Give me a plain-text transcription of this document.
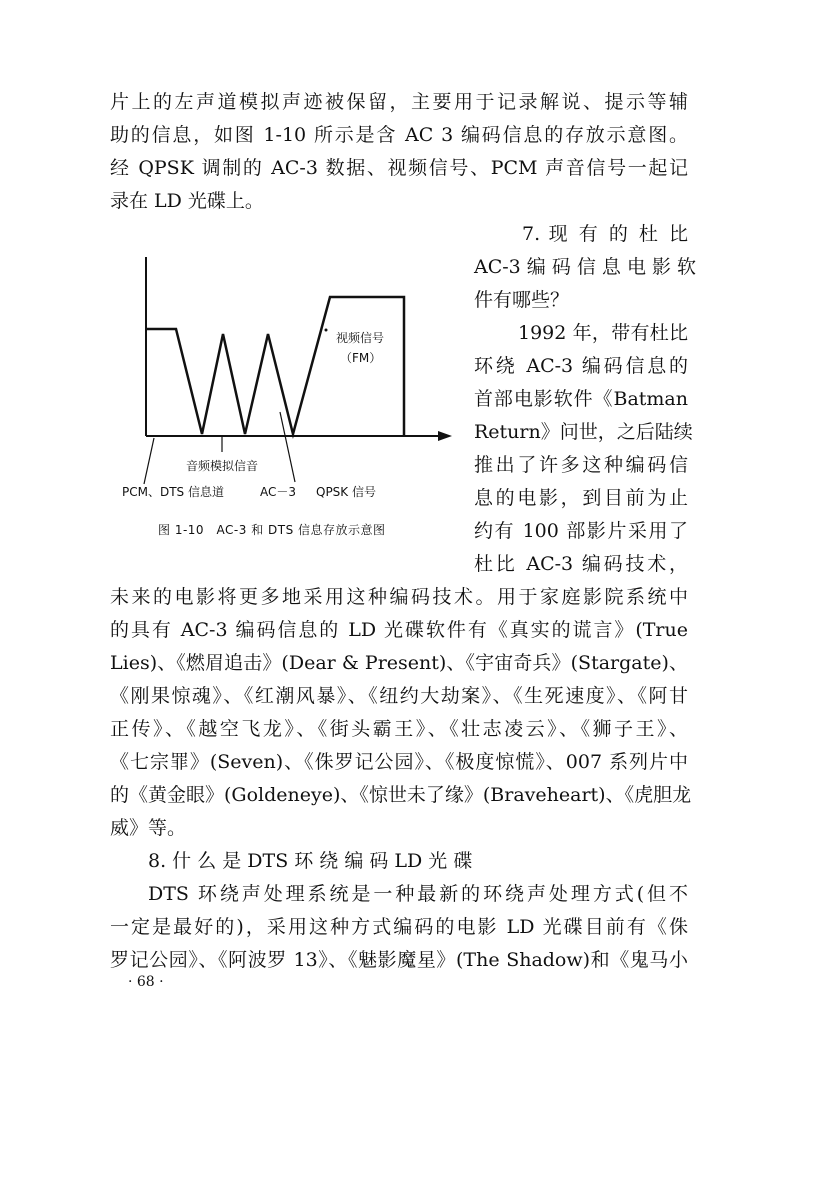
片上的左声道模拟声迹被保留，主要用于记录解说、提示等辅
助的信息，如图 1-10 所示是含 AC 3 编码信息的存放示意图。
经 QPSK 调制的 AC-3 数据、视频信号、PCM 声音信号一起记
录在 LD 光碟上。
7. 现 有 的 杜 比
AC-3 编 码 信 息 电 影 软
件有哪些？
1992 年，带有杜比
环绕 AC-3 编码信息的
首部电影软件《Batman
Return》问世，之后陆续
推出了许多这种编码信
息的电影，到目前为止
约有 100 部影片采用了
杜比 AC-3 编码技术，
视频信号
（FM）
音频模拟信音
PCM、DTS 信息道	AC－3 QPSK 信号
图 1-10　AC-3 和 DTS 信息存放示意图
未来的电影将更多地采用这种编码技术。用于家庭影院系统中
的具有 AC-3 编码信息的 LD 光碟软件有《真实的谎言》(True
Lies)、《燃眉追击》(Dear & Present)、《宇宙奇兵》(Stargate)、
《刚果惊魂》、《红潮风暴》、《纽约大劫案》、《生死速度》、《阿甘
正传》、《越空飞龙》、《街头霸王》、《壮志凌云》、《狮子王》、
《七宗罪》(Seven)、《侏罗记公园》、《极度惊慌》、007 系列片中
的《黄金眼》(Goldeneye)、《惊世未了缘》(Braveheart)、《虎胆龙
威》等。
8. 什 么 是 DTS 环 绕 编 码 LD 光 碟
DTS 环绕声处理系统是一种最新的环绕声处理方式(但不
一定是最好的)，采用这种方式编码的电影 LD 光碟目前有《侏
罗记公园》、《阿波罗 13》、《魅影魔星》(The Shadow)和《鬼马小
· 68 ·
